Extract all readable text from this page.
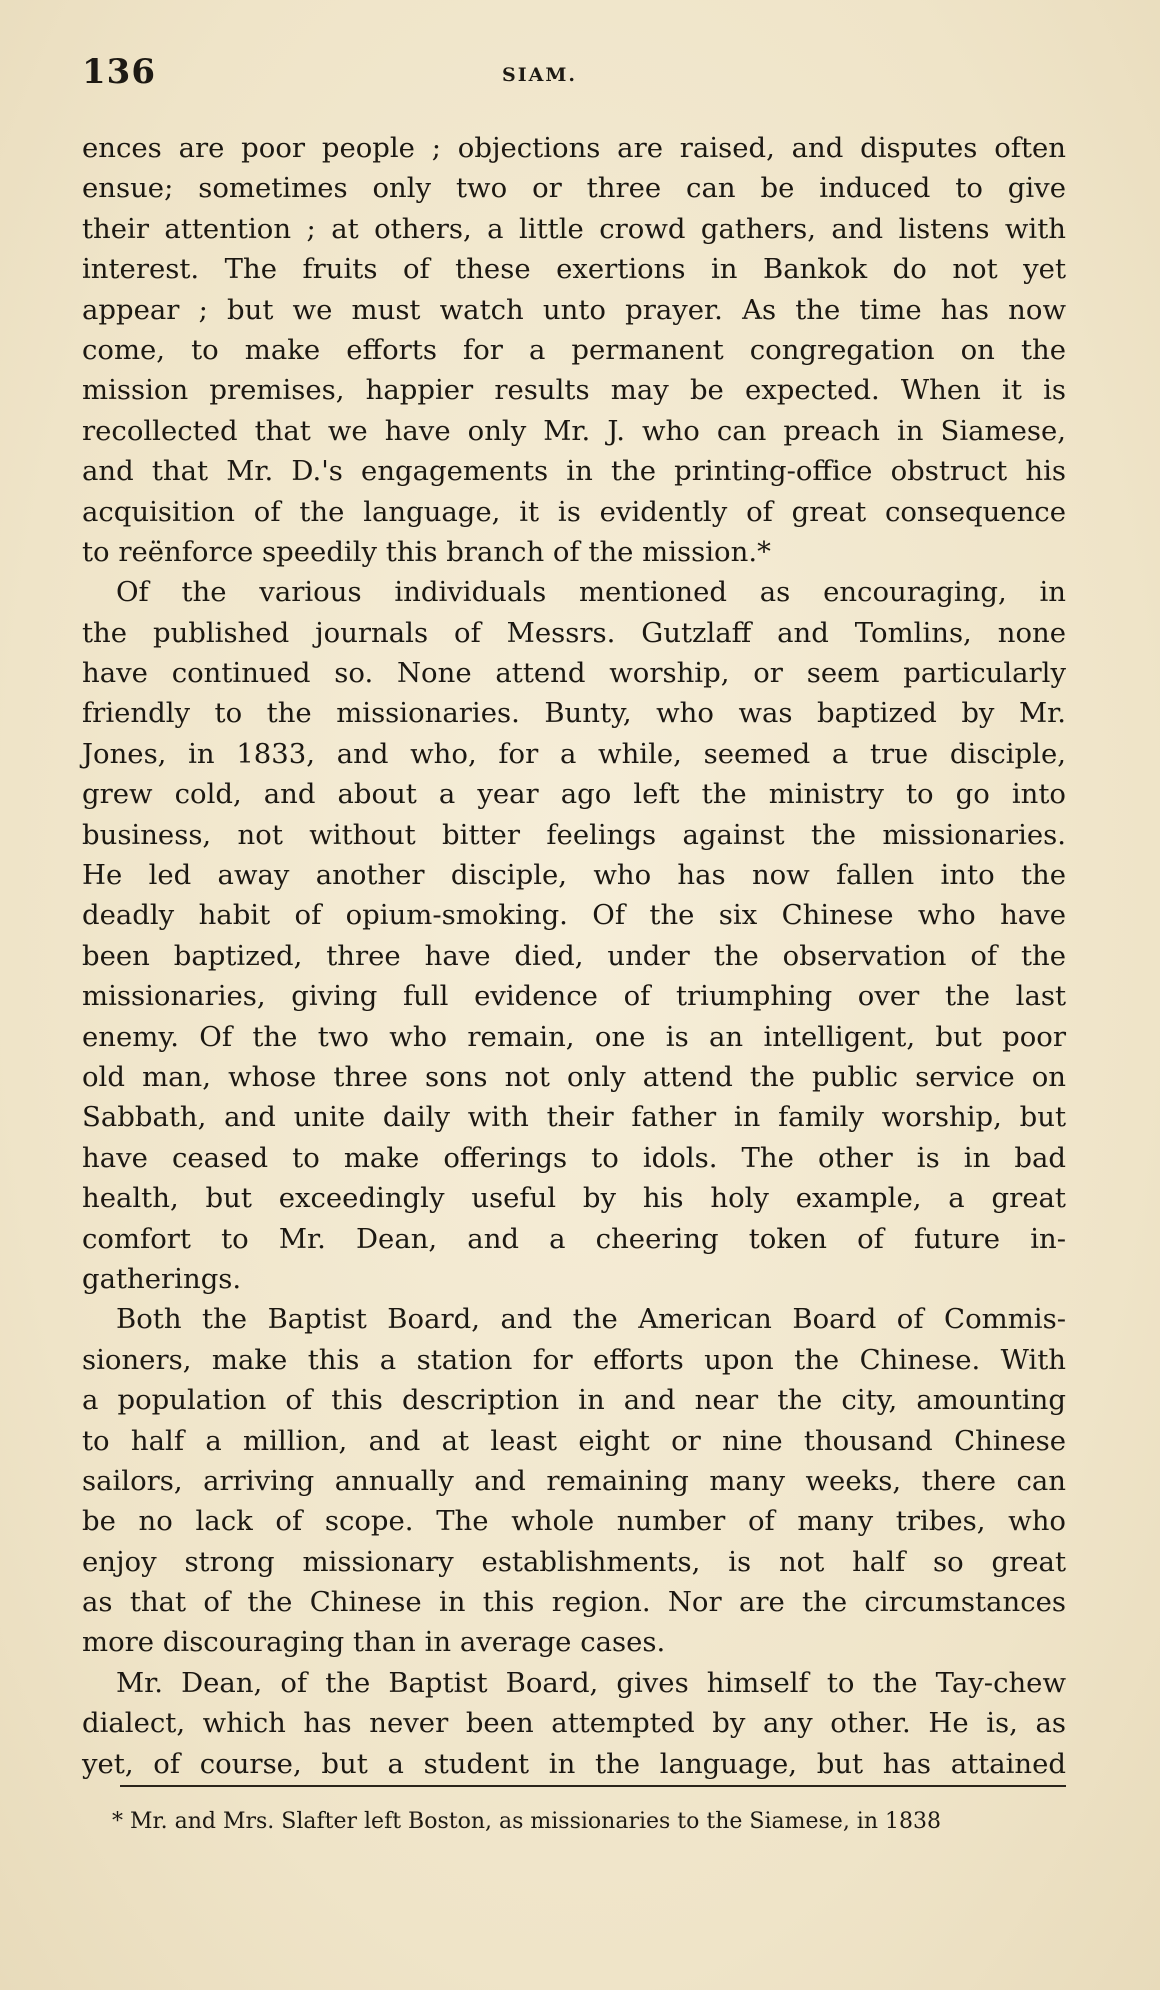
136	SIAM.
ences are poor people ; objections are raised, and disputes often
ensue; sometimes only two or three can be induced to give
their attention ; at others, a little crowd gathers, and listens with
interest. The fruits of these exertions in Bankok do not yet
appear ; but we must watch unto prayer. As the time has now
come, to make efforts for a permanent congregation on the
mission premises, happier results may be expected. When it is
recollected that we have only Mr. J. who can preach in Siamese,
and that Mr. D.'s engagements in the printing-office obstruct his
acquisition of the language, it is evidently of great consequence
to reënforce speedily this branch of the mission.*
Of the various individuals mentioned as encouraging, in
the published journals of Messrs. Gutzlaff and Tomlins, none
have continued so. None attend worship, or seem particularly
friendly to the missionaries. Bunty, who was baptized by Mr.
Jones, in 1833, and who, for a while, seemed a true disciple,
grew cold, and about a year ago left the ministry to go into
business, not without bitter feelings against the missionaries.
He led away another disciple, who has now fallen into the
deadly habit of opium-smoking. Of the six Chinese who have
been baptized, three have died, under the observation of the
missionaries, giving full evidence of triumphing over the last
enemy. Of the two who remain, one is an intelligent, but poor
old man, whose three sons not only attend the public service on
Sabbath, and unite daily with their father in family worship, but
have ceased to make offerings to idols. The other is in bad
health, but exceedingly useful by his holy example, a great
comfort to Mr. Dean, and a cheering token of future in-
gatherings.
Both the Baptist Board, and the American Board of Commis-
sioners, make this a station for efforts upon the Chinese. With
a population of this description in and near the city, amounting
to half a million, and at least eight or nine thousand Chinese
sailors, arriving annually and remaining many weeks, there can
be no lack of scope. The whole number of many tribes, who
enjoy strong missionary establishments, is not half so great
as that of the Chinese in this region. Nor are the circumstances
more discouraging than in average cases.
Mr. Dean, of the Baptist Board, gives himself to the Tay-chew
dialect, which has never been attempted by any other. He is, as
yet, of course, but a student in the language, but has attained
* Mr. and Mrs. Slafter left Boston, as missionaries to the Siamese, in 1838
